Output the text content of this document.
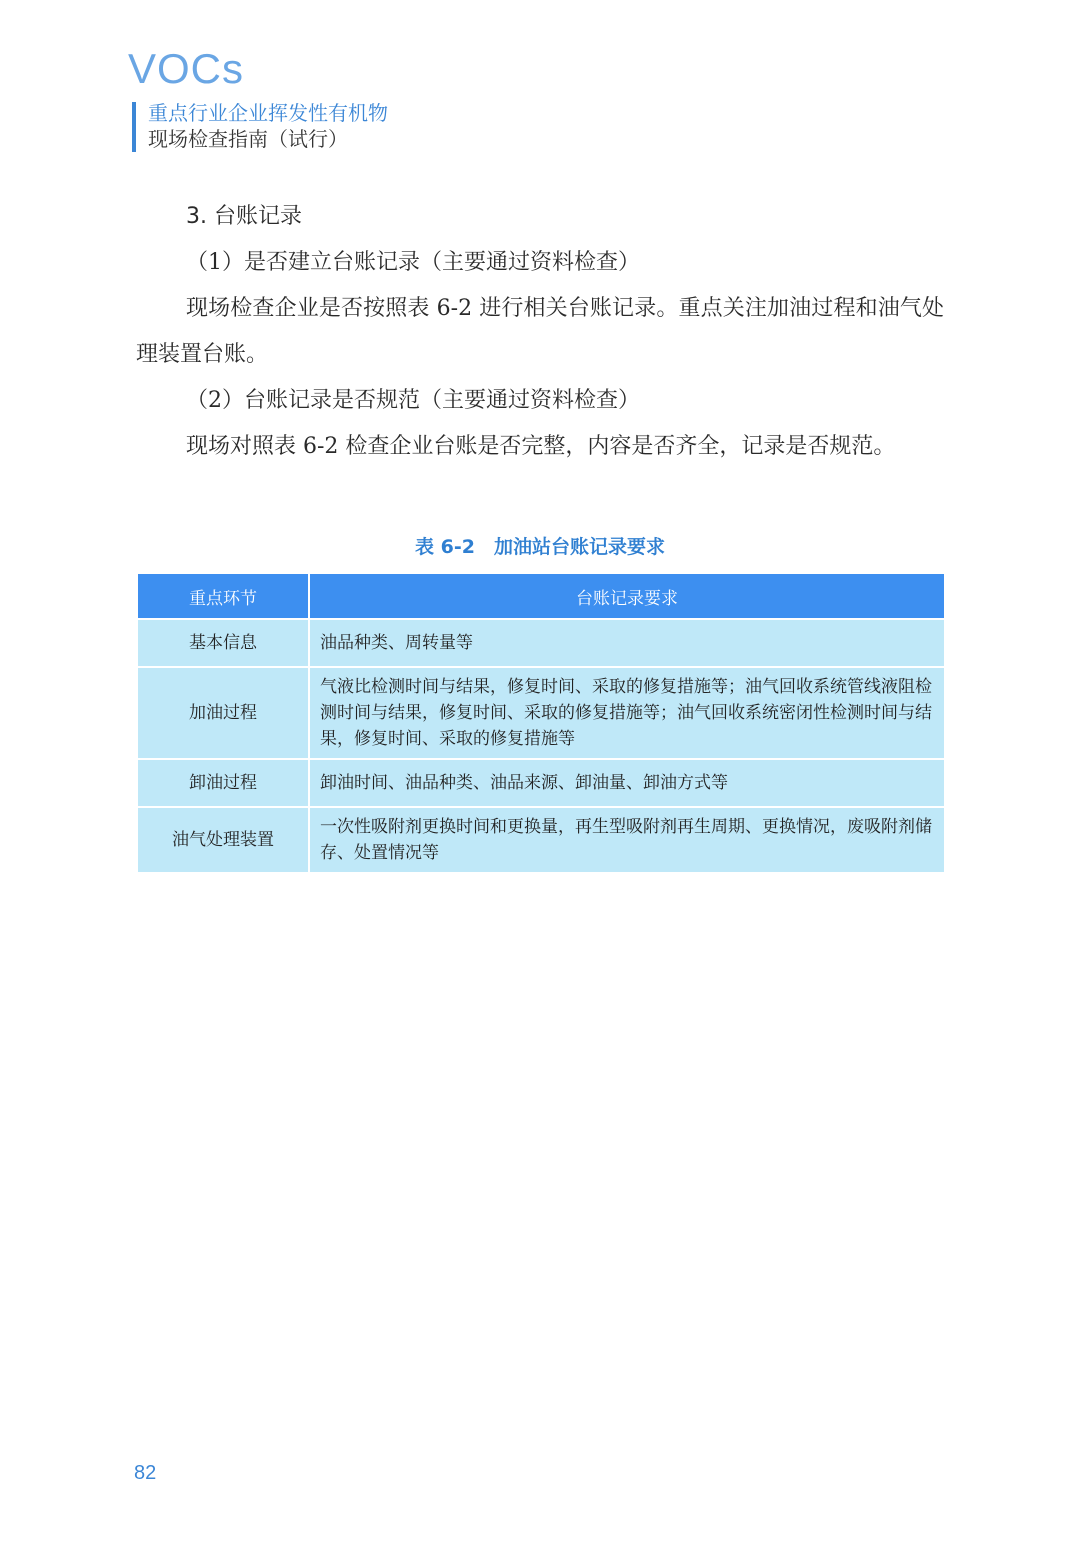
VOCs
重点行业企业挥发性有机物
现场检查指南（试行）
3. 台账记录

（1）是否建立台账记录（主要通过资料检查）

现场检查企业是否按照表 6-2 进行相关台账记录。重点关注加油过程和油气处理装置台账。

（2）台账记录是否规范（主要通过资料检查）

现场对照表 6-2 检查企业台账是否完整，内容是否齐全，记录是否规范。

表 6-2　加油站台账记录要求
重点环节	台账记录要求
基本信息	油品种类、周转量等
加油过程	气液比检测时间与结果，修复时间、采取的修复措施等；油气回收系统管线液阻检测时间与结果，修复时间、采取的修复措施等；油气回收系统密闭性检测时间与结果，修复时间、采取的修复措施等
卸油过程	卸油时间、油品种类、油品来源、卸油量、卸油方式等
油气处理装置	一次性吸附剂更换时间和更换量，再生型吸附剂再生周期、更换情况，废吸附剂储存、处置情况等
82
